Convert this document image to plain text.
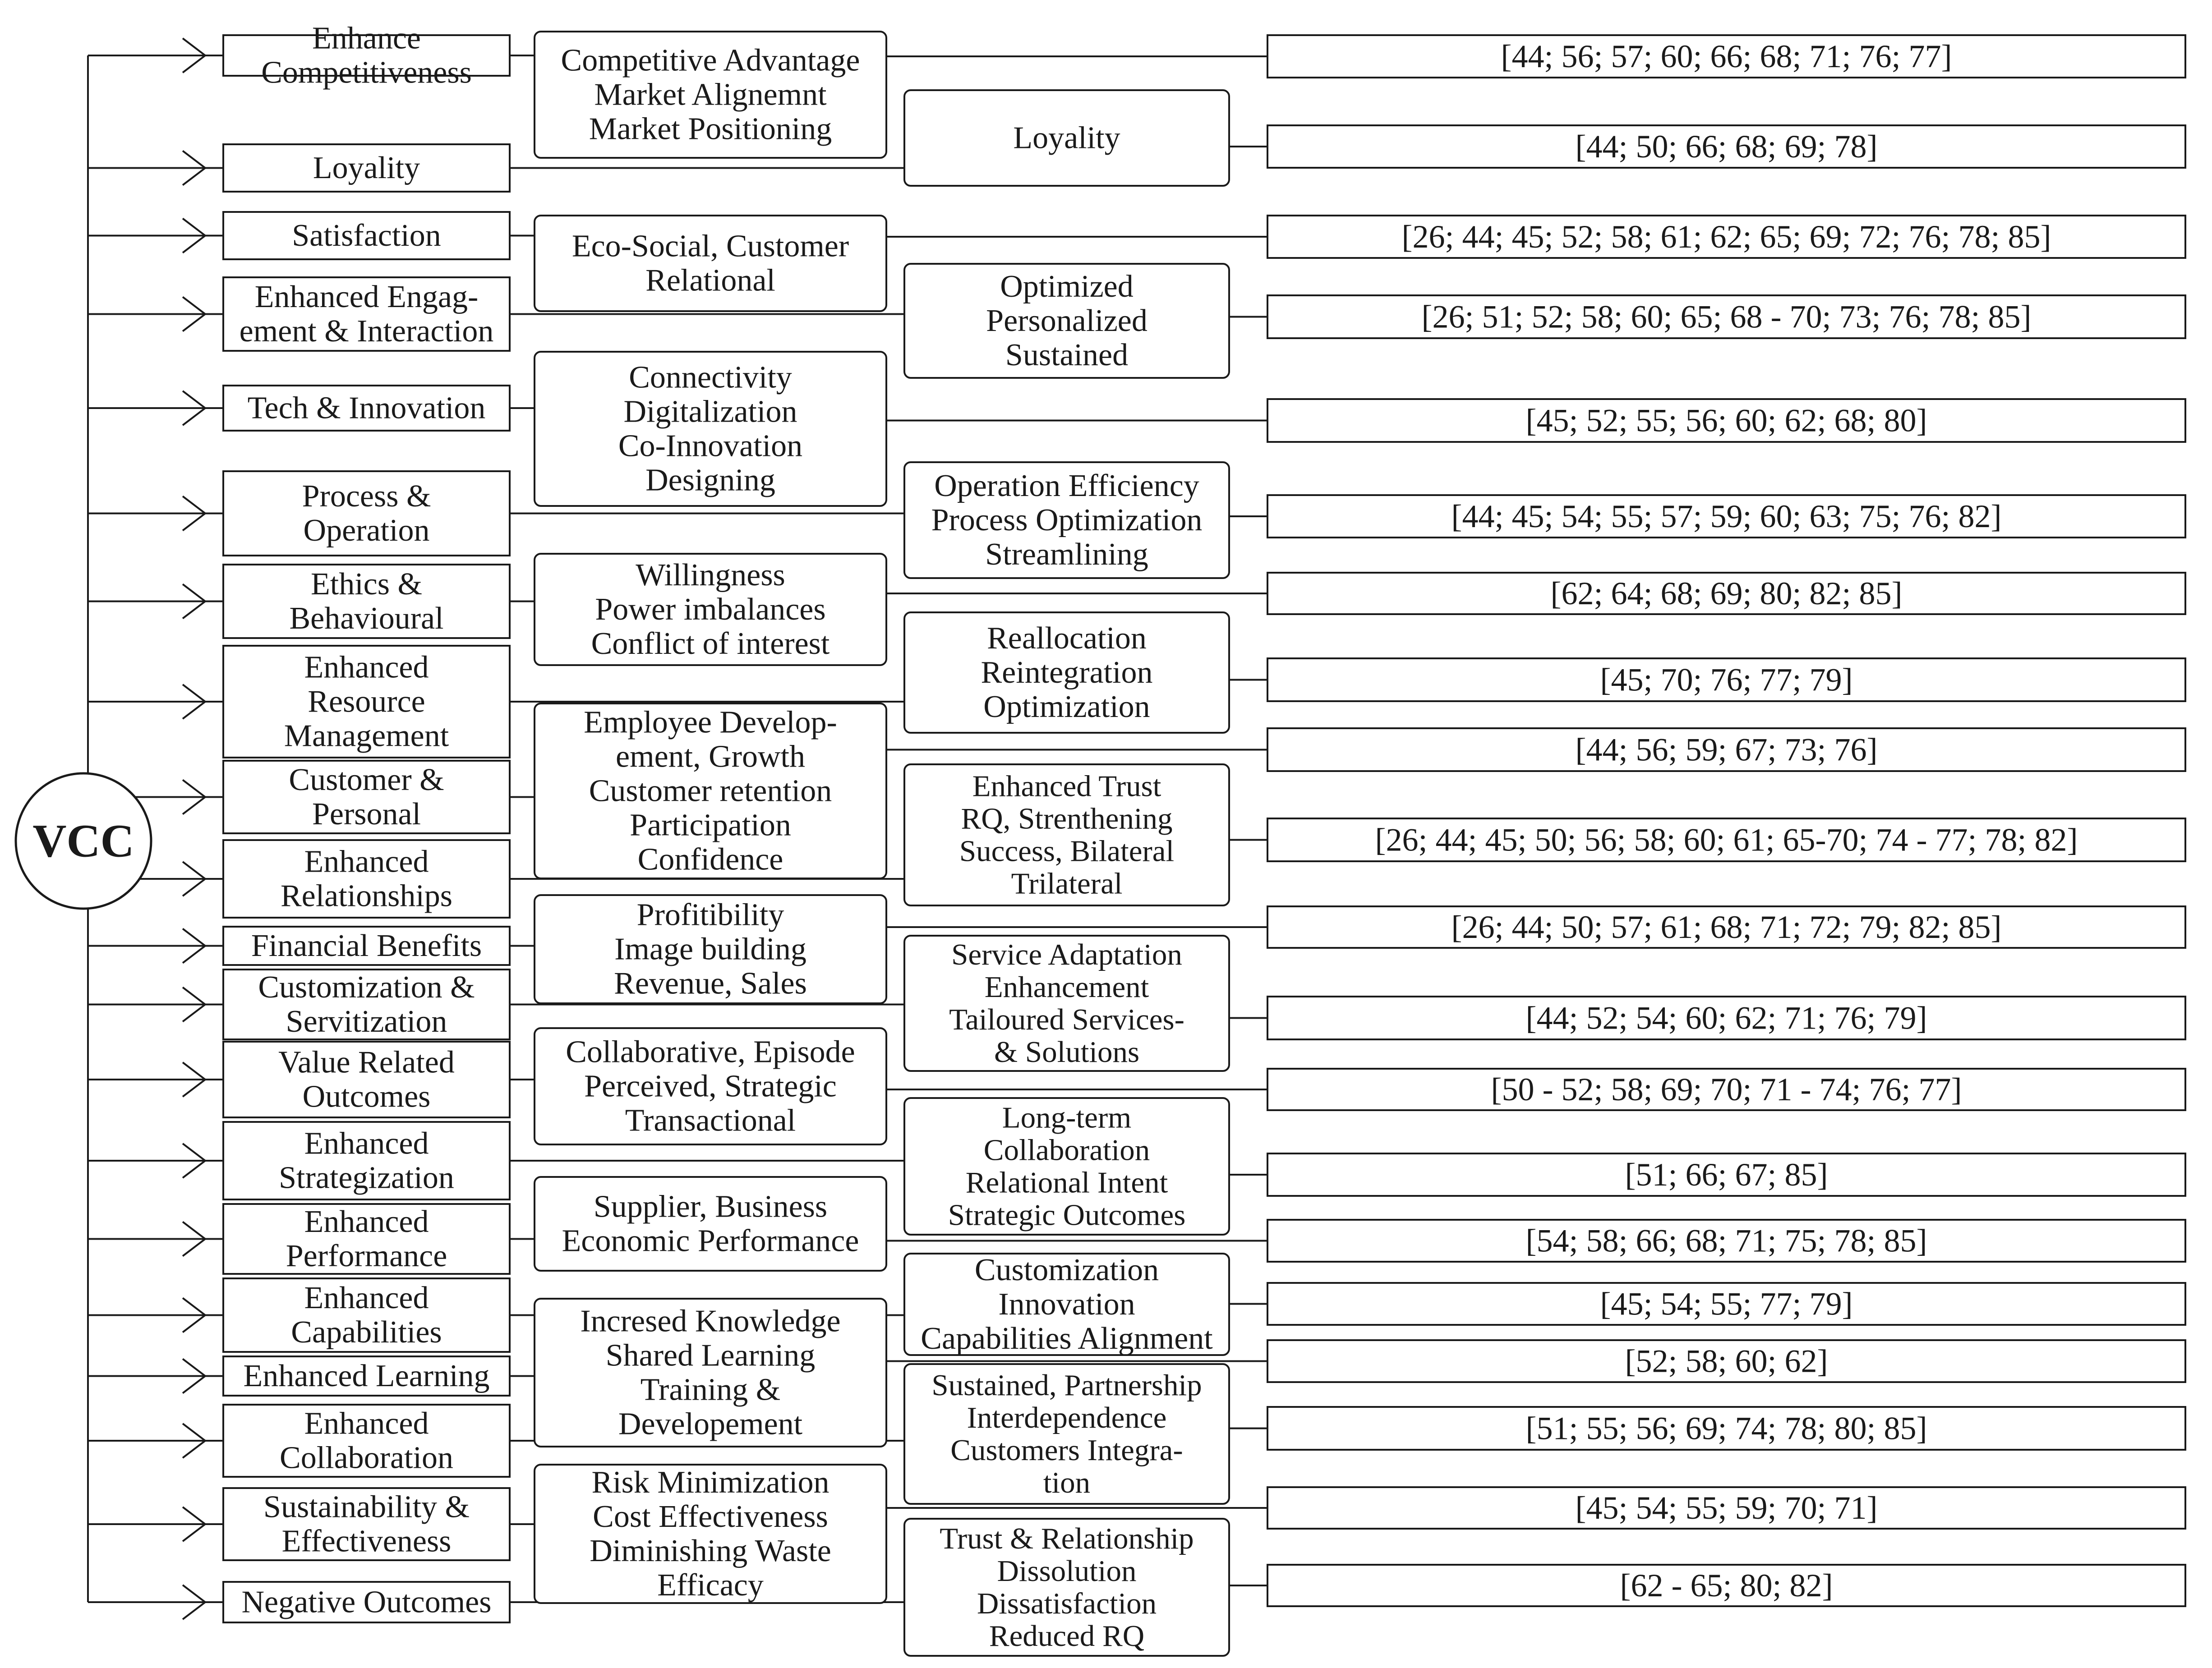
Enhance
Competitiveness
Loyality
Satisfaction
Enhanced Engag-
ement & Interaction
Tech & Innovation
Process &
Operation
Ethics &
Behavioural
Enhanced
Resource
Management
Customer &
Personal
Enhanced
Relationships
Financial Benefits
Customization &
Servitization
Value Related
Outcomes
Enhanced
Strategization
Enhanced
Performance
Enhanced
Capabilities
Enhanced Learning
Enhanced
Collaboration
Sustainability &
Effectiveness
Negative Outcomes
Competitive Advantage
Market Alignemnt
Market Positioning
Eco-Social, Customer
Relational
Connectivity
Digitalization
Co-Innovation
Designing
Willingness
Power imbalances
Conflict of interest
Employee Develop-
ement, Growth
Customer retention
Participation
Confidence
Profitibility
Image building
Revenue, Sales
Collaborative, Episode
Perceived, Strategic
Transactional
Supplier, Business
Economic Performance
Incresed Knowledge
Shared Learning
Training &
Developement
Risk Minimization
Cost Effectiveness
Diminishing Waste
Efficacy
Loyality
Optimized
Personalized
Sustained
Operation Efficiency
Process Optimization
Streamlining
Reallocation
Reintegration
Optimization
Enhanced Trust
RQ, Strenthening
Success, Bilateral
Trilateral
Service Adaptation
Enhancement
Tailoured Services-
& Solutions
Long-term
Collaboration
Relational Intent
Strategic Outcomes
Customization
Innovation
Capabilities Alignment
Sustained, Partnership
Interdependence
Customers Integra-
tion
Trust & Relationship
Dissolution
Dissatisfaction
Reduced RQ
[44; 56; 57; 60; 66; 68; 71; 76; 77]
[44; 50; 66; 68; 69; 78]
[26; 44; 45; 52; 58; 61; 62; 65; 69; 72; 76; 78; 85]
[26; 51; 52; 58; 60; 65; 68 - 70; 73; 76; 78; 85]
[45; 52; 55; 56; 60; 62; 68; 80]
[44; 45; 54; 55; 57; 59; 60; 63; 75; 76; 82]
[62; 64; 68; 69; 80; 82; 85]
[45; 70; 76; 77; 79]
[44; 56; 59; 67; 73; 76]
[26; 44; 45; 50; 56; 58; 60; 61; 65-70; 74 - 77; 78; 82]
[26; 44; 50; 57; 61; 68; 71; 72; 79; 82; 85]
[44; 52; 54; 60; 62; 71; 76; 79]
[50 - 52; 58; 69; 70; 71 - 74; 76; 77]
[51; 66; 67; 85]
[54; 58; 66; 68; 71; 75; 78; 85]
[45; 54; 55; 77; 79]
[52; 58; 60; 62]
[51; 55; 56; 69; 74; 78; 80; 85]
[45; 54; 55; 59; 70; 71]
[62 - 65; 80; 82]
VCC
